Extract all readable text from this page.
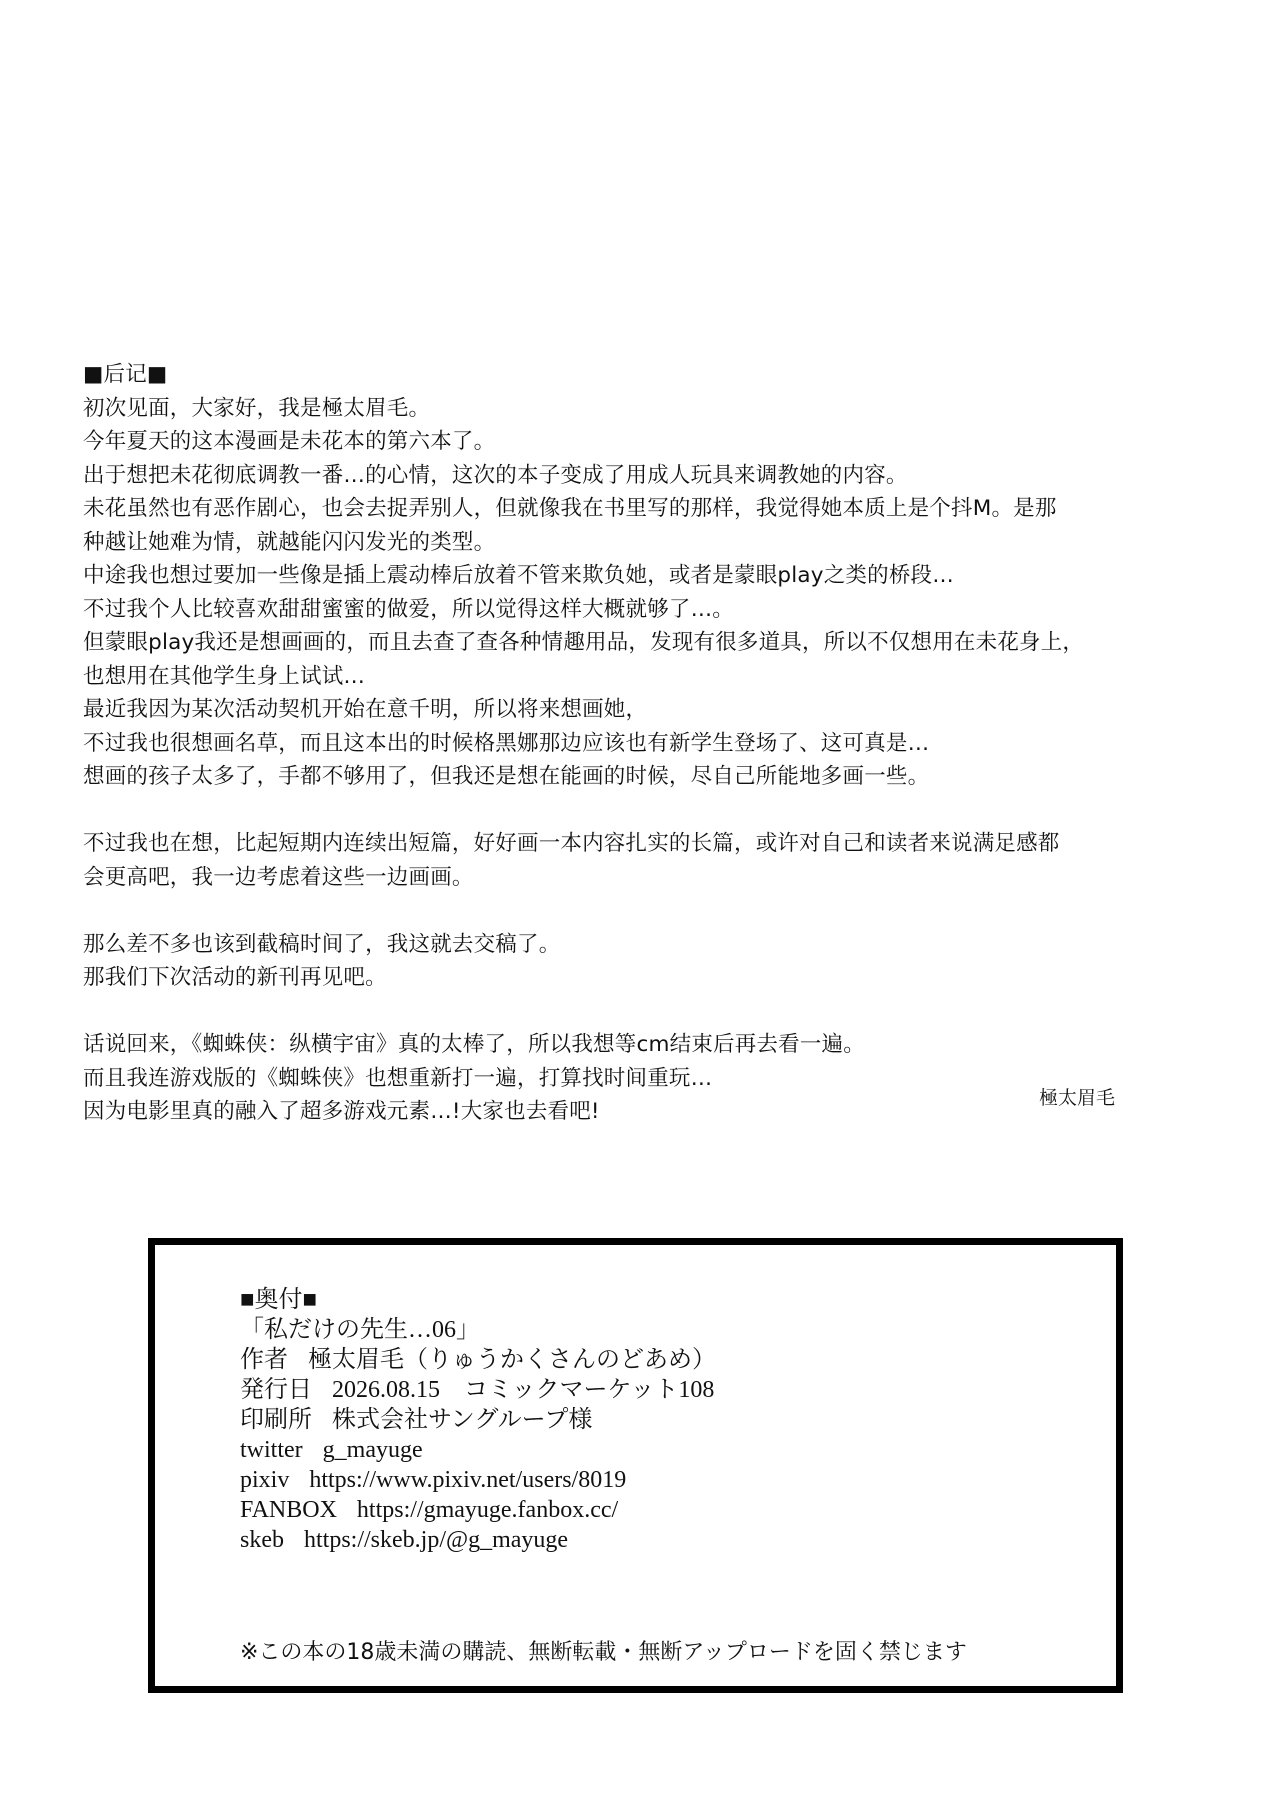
■后记■
初次见面，大家好，我是極太眉毛。
今年夏天的这本漫画是未花本的第六本了。
出于想把未花彻底调教一番…的心情，这次的本子变成了用成人玩具来调教她的内容。
未花虽然也有恶作剧心，也会去捉弄别人，但就像我在书里写的那样，我觉得她本质上是个抖M。是那
种越让她难为情，就越能闪闪发光的类型。
中途我也想过要加一些像是插上震动棒后放着不管来欺负她，或者是蒙眼play之类的桥段…
不过我个人比较喜欢甜甜蜜蜜的做爱，所以觉得这样大概就够了…。
但蒙眼play我还是想画画的，而且去查了查各种情趣用品，发现有很多道具，所以不仅想用在未花身上，
也想用在其他学生身上试试…
最近我因为某次活动契机开始在意千明，所以将来想画她，
不过我也很想画名草，而且这本出的时候格黑娜那边应该也有新学生登场了、这可真是…
想画的孩子太多了，手都不够用了，但我还是想在能画的时候，尽自己所能地多画一些。
不过我也在想，比起短期内连续出短篇，好好画一本内容扎实的长篇，或许对自己和读者来说满足感都
会更高吧，我一边考虑着这些一边画画。
那么差不多也该到截稿时间了，我这就去交稿了。
那我们下次活动的新刊再见吧。
话说回来，《蜘蛛侠：纵横宇宙》真的太棒了，所以我想等cm结束后再去看一遍。
而且我连游戏版的《蜘蛛侠》也想重新打一遍，打算找时间重玩…
因为电影里真的融入了超多游戏元素…!大家也去看吧!
極太眉毛
■奥付■
「私だけの先生…06」
作者 極太眉毛（りゅうかくさんのどあめ）
発行日 2026.08.15　コミックマーケット108
印刷所 株式会社サングループ様
twitter g_mayuge
pixiv https://www.pixiv.net/users/8019
FANBOX https://gmayuge.fanbox.cc/
skeb https://skeb.jp/@g_mayuge
※この本の18歳未満の購読、無断転載・無断アップロードを固く禁じます
